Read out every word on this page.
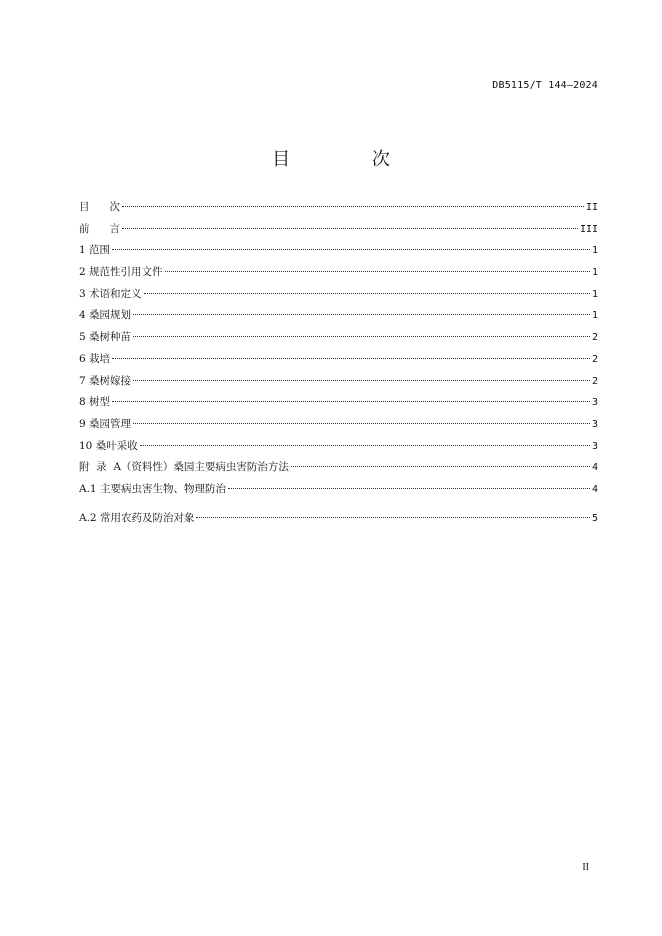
DB5115/T 144—2024
目 次
目      次	II
前      言	III
1 范围	1
2 规范性引用文件	1
3 术语和定义	1
4 桑园规划	1
5 桑树种苗	2
6 栽培	2
7 桑树嫁接	2
8 树型	3
9 桑园管理	3
10 桑叶采收	3
附  录  A（资料性）桑园主要病虫害防治方法	4
A.1 主要病虫害生物、物理防治	4
A.2 常用农药及防治对象	5
II
